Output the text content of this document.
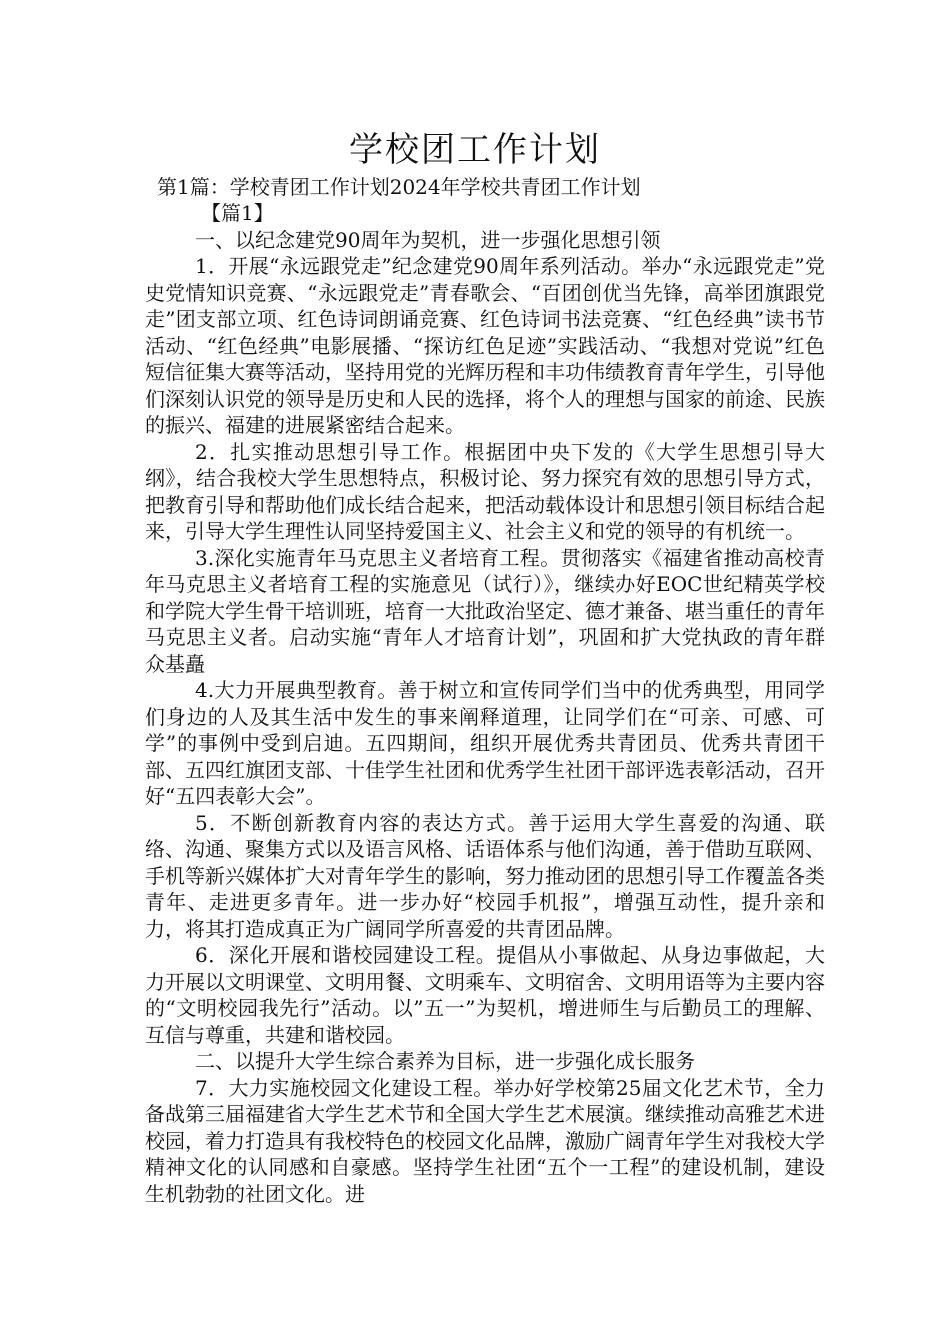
学校团工作计划
第1篇：学校青团工作计划2024年学校共青团工作计划

【篇1】

一、以纪念建党90周年为契机，进一步强化思想引领

1．开展“永远跟党走”纪念建党90周年系列活动。举办“永远跟党走”党史党情知识竞赛、“永远跟党走”青春歌会、“百团创优当先锋，高举团旗跟党走”团支部立项、红色诗词朗诵竞赛、红色诗词书法竞赛、“红色经典”读书节活动、“红色经典”电影展播、“探访红色足迹”实践活动、“我想对党说”红色短信征集大赛等活动，坚持用党的光辉历程和丰功伟绩教育青年学生，引导他们深刻认识党的领导是历史和人民的选择，将个人的理想与国家的前途、民族的振兴、福建的进展紧密结合起来。

2．扎实推动思想引导工作。根据团中央下发的《大学生思想引导大纲》，结合我校大学生思想特点，积极讨论、努力探究有效的思想引导方式，把教育引导和帮助他们成长结合起来，把活动载体设计和思想引领目标结合起来，引导大学生理性认同坚持爱国主义、社会主义和党的领导的有机统一。

3.深化实施青年马克思主义者培育工程。贯彻落实《福建省推动高校青年马克思主义者培育工程的实施意见（试行）》，继续办好EOC世纪精英学校和学院大学生骨干培训班，培育一大批政治坚定、德才兼备、堪当重任的青年马克思主义者。启动实施“青年人才培育计划”，巩固和扩大党执政的青年群众基矗

4.大力开展典型教育。善于树立和宣传同学们当中的优秀典型，用同学们身边的人及其生活中发生的事来阐释道理，让同学们在“可亲、可感、可学”的事例中受到启迪。五四期间，组织开展优秀共青团员、优秀共青团干部、五四红旗团支部、十佳学生社团和优秀学生社团干部评选表彰活动，召开好“五四表彰大会”。

5．不断创新教育内容的表达方式。善于运用大学生喜爱的沟通、联络、沟通、聚集方式以及语言风格、话语体系与他们沟通，善于借助互联网、手机等新兴媒体扩大对青年学生的影响，努力推动团的思想引导工作覆盖各类青年、走进更多青年。进一步办好“校园手机报”，增强互动性，提升亲和力，将其打造成真正为广阔同学所喜爱的共青团品牌。

6．深化开展和谐校园建设工程。提倡从小事做起、从身边事做起，大力开展以文明课堂、文明用餐、文明乘车、文明宿舍、文明用语等为主要内容的“文明校园我先行”活动。以”五一”为契机，增进师生与后勤员工的理解、互信与尊重，共建和谐校园。

二、以提升大学生综合素养为目标，进一步强化成长服务

7．大力实施校园文化建设工程。举办好学校第25届文化艺术节，全力备战第三届福建省大学生艺术节和全国大学生艺术展演。继续推动高雅艺术进校园，着力打造具有我校特色的校园文化品牌，激励广阔青年学生对我校大学精神文化的认同感和自豪感。坚持学生社团“五个一工程”的建设机制，建设生机勃勃的社团文化。进
